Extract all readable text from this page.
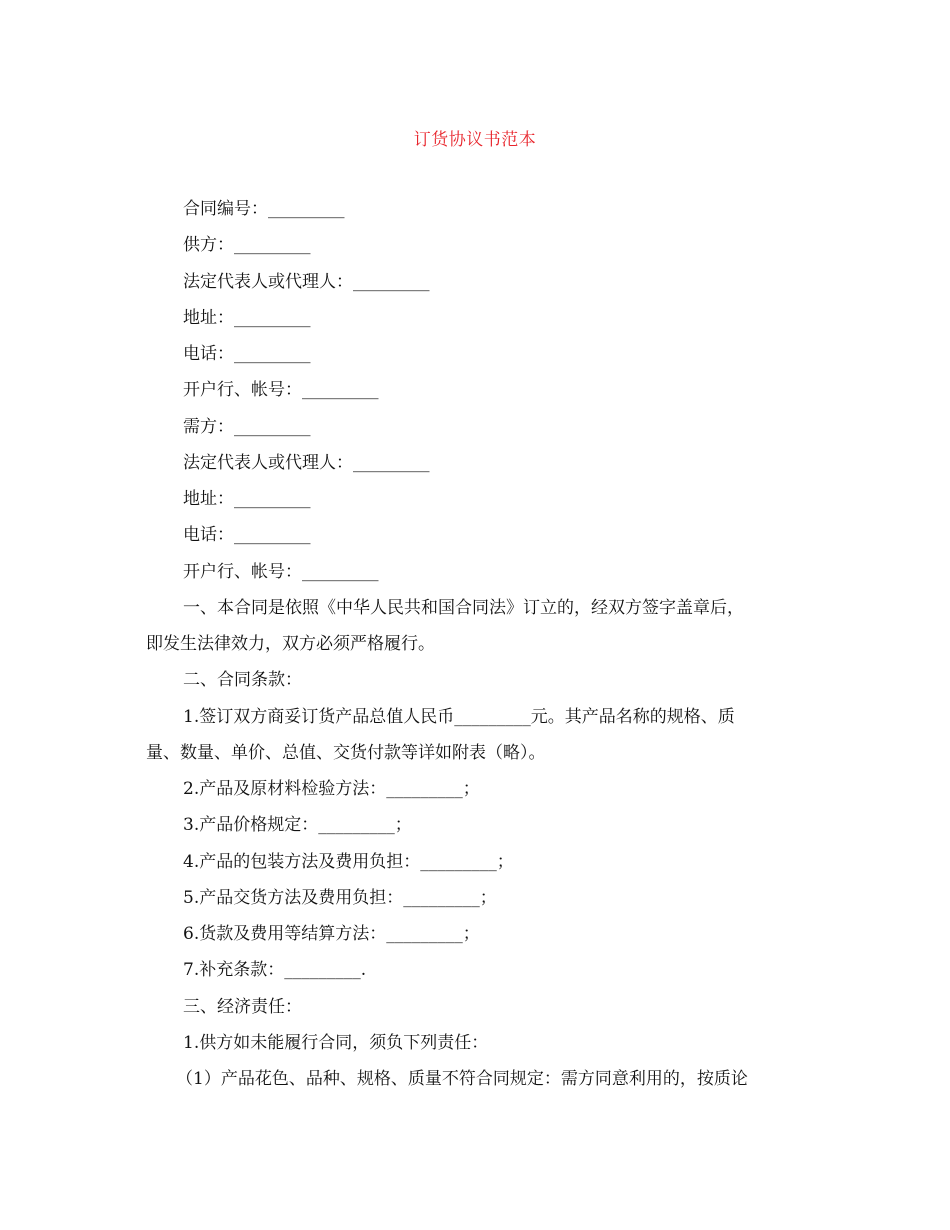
订货协议书范本
合同编号：_________
供方：_________
法定代表人或代理人：_________
地址：_________
电话：_________
开户行、帐号：_________
需方：_________
法定代表人或代理人：_________
地址：_________
电话：_________
开户行、帐号：_________
一、本合同是依照《中华人民共和国合同法》订立的，经双方签字盖章后，
即发生法律效力，双方必须严格履行。
二、合同条款：
1.签订双方商妥订货产品总值人民币_________元。其产品名称的规格、质
量、数量、单价、总值、交货付款等详如附表（略）。
2.产品及原材料检验方法：_________；
3.产品价格规定：_________；
4.产品的包装方法及费用负担：_________；
5.产品交货方法及费用负担：_________；
6.货款及费用等结算方法：_________；
7.补充条款：_________.
三、经济责任：
1.供方如未能履行合同，须负下列责任：
（1）产品花色、品种、规格、质量不符合同规定：需方同意利用的，按质论
